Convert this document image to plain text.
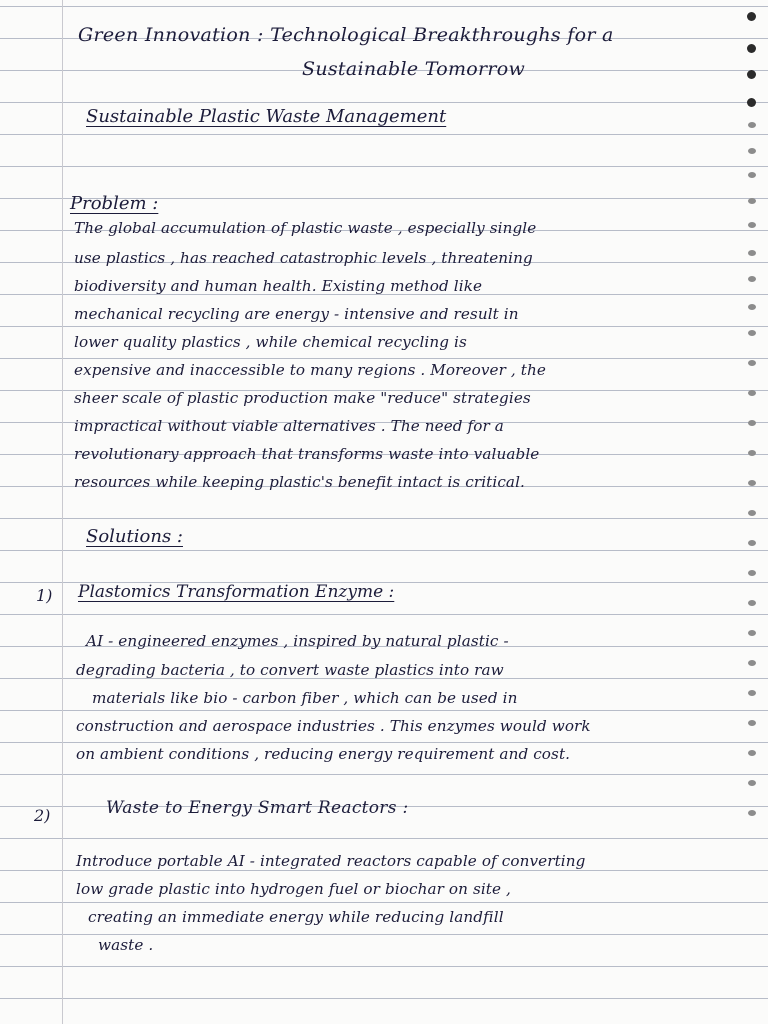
Green Innovation : Technological Breakthroughs for a
Sustainable Tomorrow
Sustainable Plastic Waste Management
Problem :
The global accumulation of plastic waste , especially single
use plastics , has reached catastrophic levels , threatening
biodiversity and human health. Existing method like
mechanical recycling are energy - intensive and result in
lower quality plastics , while chemical recycling is
expensive and inaccessible to many regions . Moreover , the
sheer scale of plastic production make "reduce" strategies
impractical without viable alternatives . The need for a
revolutionary approach that transforms waste into valuable
resources while keeping plastic's benefit intact is critical.
Solutions :
1) Plastomics Transformation Enzyme :
AI - engineered enzymes , inspired by natural plastic -
degrading bacteria , to convert waste plastics into raw
materials like bio - carbon fiber , which can be used in
construction and aerospace industries . This enzymes would work
on ambient conditions , reducing energy requirement and cost.
2)	Waste to Energy Smart Reactors :
Introduce portable AI - integrated reactors capable of converting
low grade plastic into hydrogen fuel or biochar on site ,
creating an immediate energy while reducing landfill
waste .
